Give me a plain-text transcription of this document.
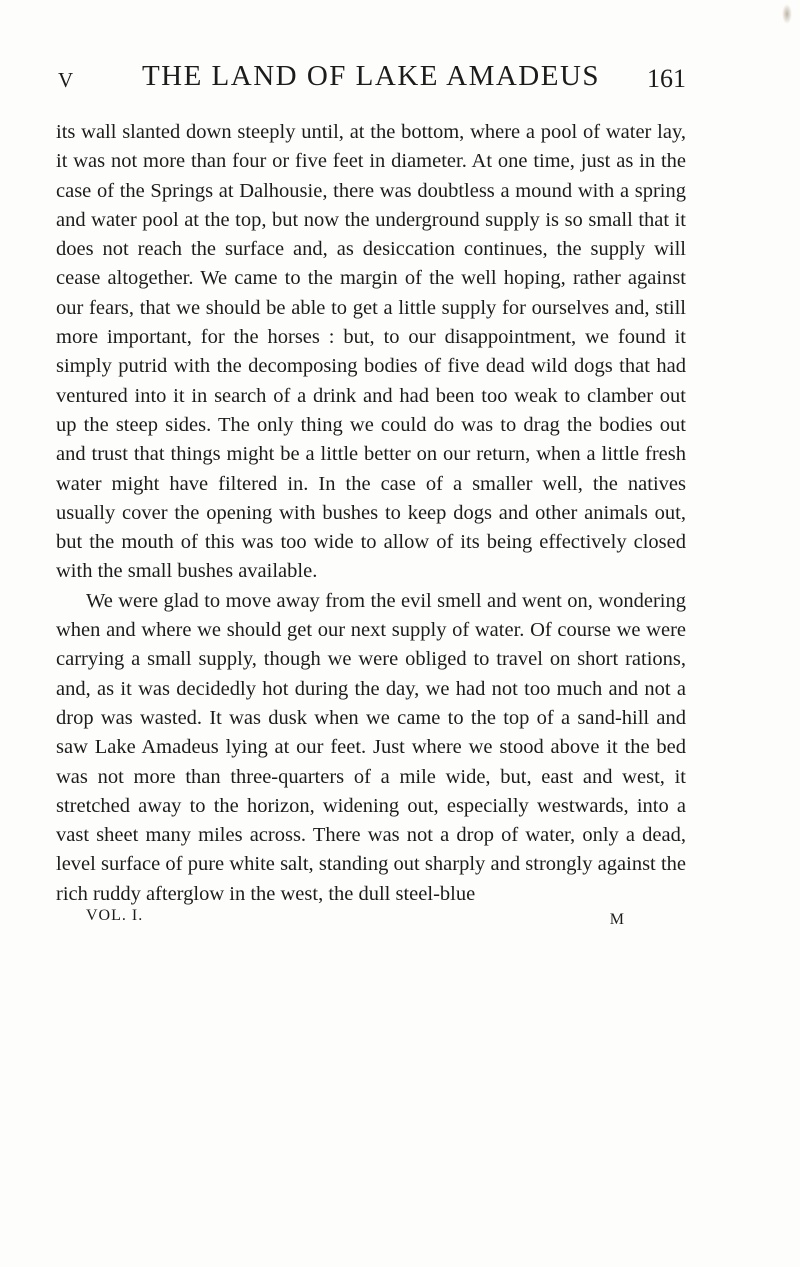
V	THE LAND OF LAKE AMADEUS	161

its wall slanted down steeply until, at the bottom, where a pool of water lay, it was not more than four or five feet in diameter. At one time, just as in the case of the Springs at Dalhousie, there was doubtless a mound with a spring and water pool at the top, but now the underground supply is so small that it does not reach the surface and, as desiccation continues, the supply will cease altogether. We came to the margin of the well hoping, rather against our fears, that we should be able to get a little supply for ourselves and, still more important, for the horses : but, to our disappointment, we found it simply putrid with the decomposing bodies of five dead wild dogs that had ventured into it in search of a drink and had been too weak to clamber out up the steep sides. The only thing we could do was to drag the bodies out and trust that things might be a little better on our return, when a little fresh water might have filtered in. In the case of a smaller well, the natives usually cover the opening with bushes to keep dogs and other animals out, but the mouth of this was too wide to allow of its being effectively closed with the small bushes available.

We were glad to move away from the evil smell and went on, wondering when and where we should get our next supply of water. Of course we were carrying a small supply, though we were obliged to travel on short rations, and, as it was decidedly hot during the day, we had not too much and not a drop was wasted. It was dusk when we came to the top of a sand-hill and saw Lake Amadeus lying at our feet. Just where we stood above it the bed was not more than three-quarters of a mile wide, but, east and west, it stretched away to the horizon, widening out, especially westwards, into a vast sheet many miles across. There was not a drop of water, only a dead, level surface of pure white salt, standing out sharply and strongly against the rich ruddy afterglow in the west, the dull steel-blue

VOL. I.	M
